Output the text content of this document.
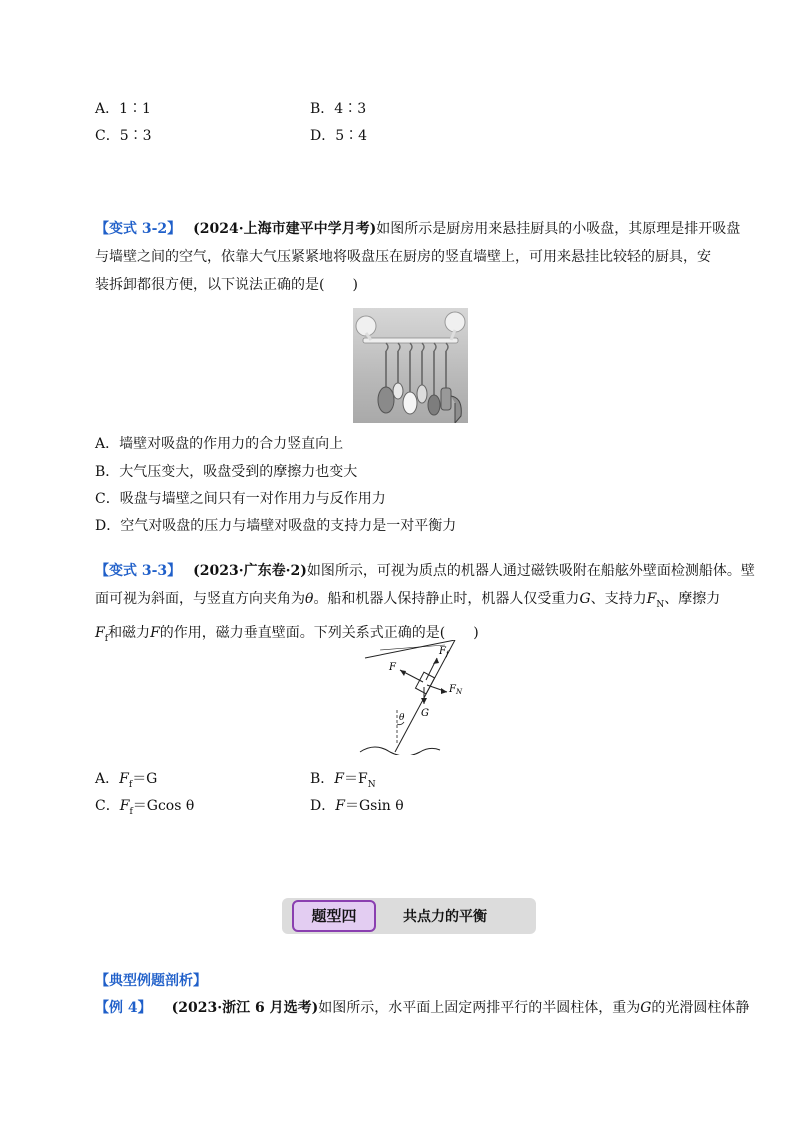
A．1∶1	B．4∶3
C．5∶3	D．5∶4
【变式 3-2】 (2024·上海市建平中学月考)如图所示是厨房用来悬挂厨具的小吸盘，其原理是排开吸盘
与墙壁之间的空气，依靠大气压紧紧地将吸盘压在厨房的竖直墙壁上，可用来悬挂比较轻的厨具，安
装拆卸都很方便，以下说法正确的是(　　)
A．墙壁对吸盘的作用力的合力竖直向上
B．大气压变大，吸盘受到的摩擦力也变大
C．吸盘与墙壁之间只有一对作用力与反作用力
D．空气对吸盘的压力与墙壁对吸盘的支持力是一对平衡力
【变式 3-3】 (2023·广东卷·2)如图所示，可视为质点的机器人通过磁铁吸附在船舷外壁面检测船体。壁
面可视为斜面，与竖直方向夹角为θ。船和机器人保持静止时，机器人仅受重力G、支持力$F_N$、摩擦力
$F_f$和磁力F的作用，磁力垂直壁面。下列关系式正确的是(　　)
$F_f$
F
$F_N$
G
θ
A．$F_f=G$	B．$F=F_N$
C．$F_f=Gcos$ θ	D．F＝Gsin θ
题型四	共点力的平衡
【典型例题剖析】
【例 4】 (2023·浙江 6 月选考)如图所示，水平面上固定两排平行的半圆柱体，重为G的光滑圆柱体静
